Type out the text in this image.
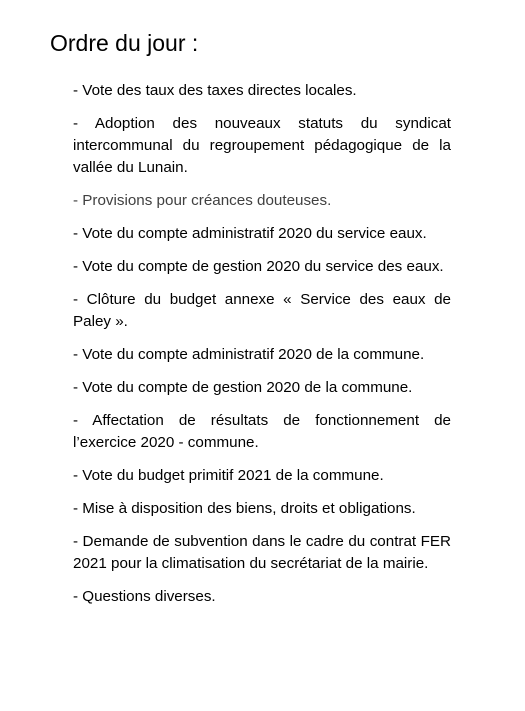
Ordre du jour :
- Vote des taux des taxes directes locales.
- Adoption des nouveaux statuts du syndicat intercommunal du regroupement pédagogique de la vallée du Lunain.
- Provisions pour créances douteuses.
- Vote du compte administratif 2020 du service eaux.
- Vote du compte de gestion 2020 du service des eaux.
- Clôture du budget annexe « Service des eaux de Paley ».
- Vote du compte administratif 2020 de la commune.
- Vote du compte de gestion 2020 de la commune.
- Affectation de résultats de fonctionnement de l’exercice 2020 - commune.
- Vote du budget primitif 2021 de la commune.
- Mise à disposition des biens, droits et obligations.
- Demande de subvention dans le cadre du contrat FER 2021 pour la climatisation du secrétariat de la mairie.
- Questions diverses.
